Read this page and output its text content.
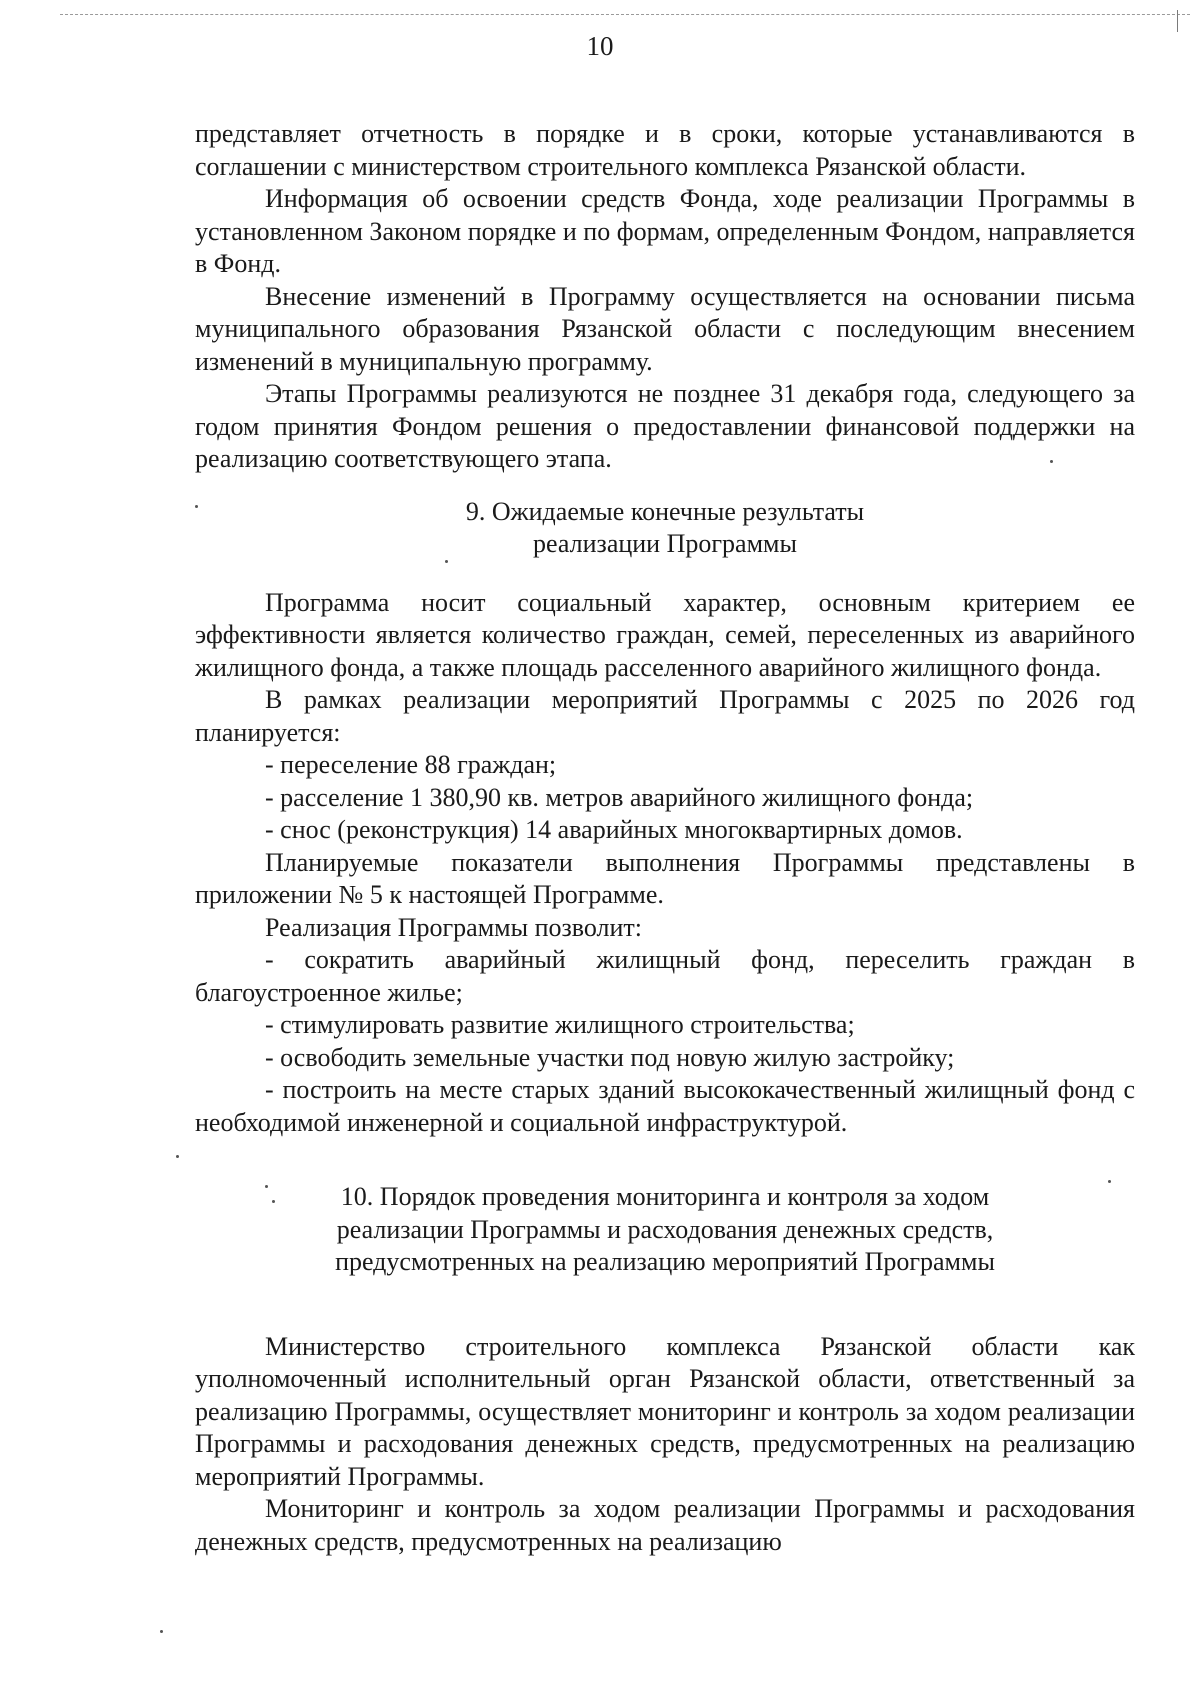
10

представляет отчетность в порядке и в сроки, которые устанавливаются в соглашении с министерством строительного комплекса Рязанской области.

Информация об освоении средств Фонда, ходе реализации Программы в установленном Законом порядке и по формам, определенным Фондом, направляется в Фонд.

Внесение изменений в Программу осуществляется на основании письма муниципального образования Рязанской области с последующим внесением изменений в муниципальную программу.

Этапы Программы реализуются не позднее 31 декабря года, следующего за годом принятия Фондом решения о предоставлении финансовой поддержки на реализацию соответствующего этапа.

9. Ожидаемые конечные результаты
реализации Программы

Программа носит социальный характер, основным критерием ее эффективности является количество граждан, семей, переселенных из аварийного жилищного фонда, а также площадь расселенного аварийного жилищного фонда.

В рамках реализации мероприятий Программы с 2025 по 2026 год планируется:

- переселение 88 граждан;

- расселение 1 380,90 кв. метров аварийного жилищного фонда;

- снос (реконструкция) 14 аварийных многоквартирных домов.

Планируемые показатели выполнения Программы представлены в приложении № 5 к настоящей Программе.

Реализация Программы позволит:

- сократить аварийный жилищный фонд, переселить граждан в благоустроенное жилье;

- стимулировать развитие жилищного строительства;

- освободить земельные участки под новую жилую застройку;

- построить на месте старых зданий высококачественный жилищный фонд с необходимой инженерной и социальной инфраструктурой.

10. Порядок проведения мониторинга и контроля за ходом
реализации Программы и расходования денежных средств,
предусмотренных на реализацию мероприятий Программы

Министерство строительного комплекса Рязанской области как уполномоченный исполнительный орган Рязанской области, ответственный за реализацию Программы, осуществляет мониторинг и контроль за ходом реализации Программы и расходования денежных средств, предусмотренных на реализацию мероприятий Программы.

Мониторинг и контроль за ходом реализации Программы и расходования денежных средств, предусмотренных на реализацию
